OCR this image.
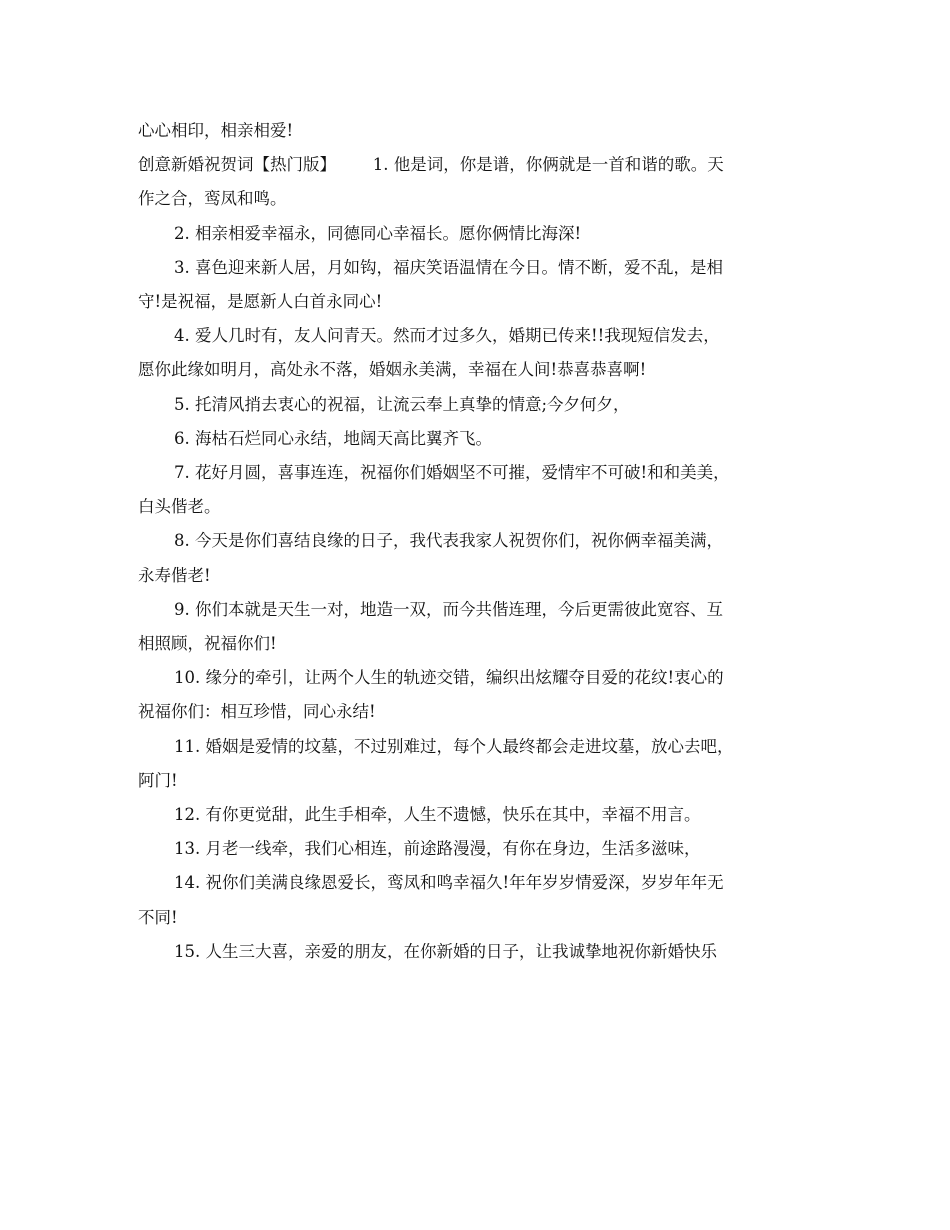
心心相印，相亲相爱!

创意新婚祝贺词【热门版】       1. 他是词，你是谱，你俩就是一首和谐的歌。天

作之合，鸾凤和鸣。

2. 相亲相爱幸福永，同德同心幸福长。愿你俩情比海深!

3. 喜色迎来新人居，月如钩，福庆笑语温情在今日。情不断，爱不乱，是相

守!是祝福，是愿新人白首永同心!

4. 爱人几时有，友人问青天。然而才过多久，婚期已传来!!我现短信发去，

愿你此缘如明月，高处永不落，婚姻永美满，幸福在人间!恭喜恭喜啊!

5. 托清风捎去衷心的祝福，让流云奉上真挚的情意;今夕何夕，

6. 海枯石烂同心永结，地阔天高比翼齐飞。

7. 花好月圆，喜事连连，祝福你们婚姻坚不可摧，爱情牢不可破!和和美美，

白头偕老。

8. 今天是你们喜结良缘的日子，我代表我家人祝贺你们，祝你俩幸福美满，

永寿偕老!

9. 你们本就是天生一对，地造一双，而今共偕连理，今后更需彼此宽容、互

相照顾，祝福你们!

10. 缘分的牵引，让两个人生的轨迹交错，编织出炫耀夺目爱的花纹!衷心的

祝福你们：相互珍惜，同心永结!

11. 婚姻是爱情的坟墓，不过别难过，每个人最终都会走进坟墓，放心去吧，

阿门!

12. 有你更觉甜，此生手相牵，人生不遗憾，快乐在其中，幸福不用言。

13. 月老一线牵，我们心相连，前途路漫漫，有你在身边，生活多滋味，

14. 祝你们美满良缘恩爱长，鸾凤和鸣幸福久!年年岁岁情爱深，岁岁年年无

不同!

15. 人生三大喜，亲爱的朋友，在你新婚的日子，让我诚挚地祝你新婚快乐
